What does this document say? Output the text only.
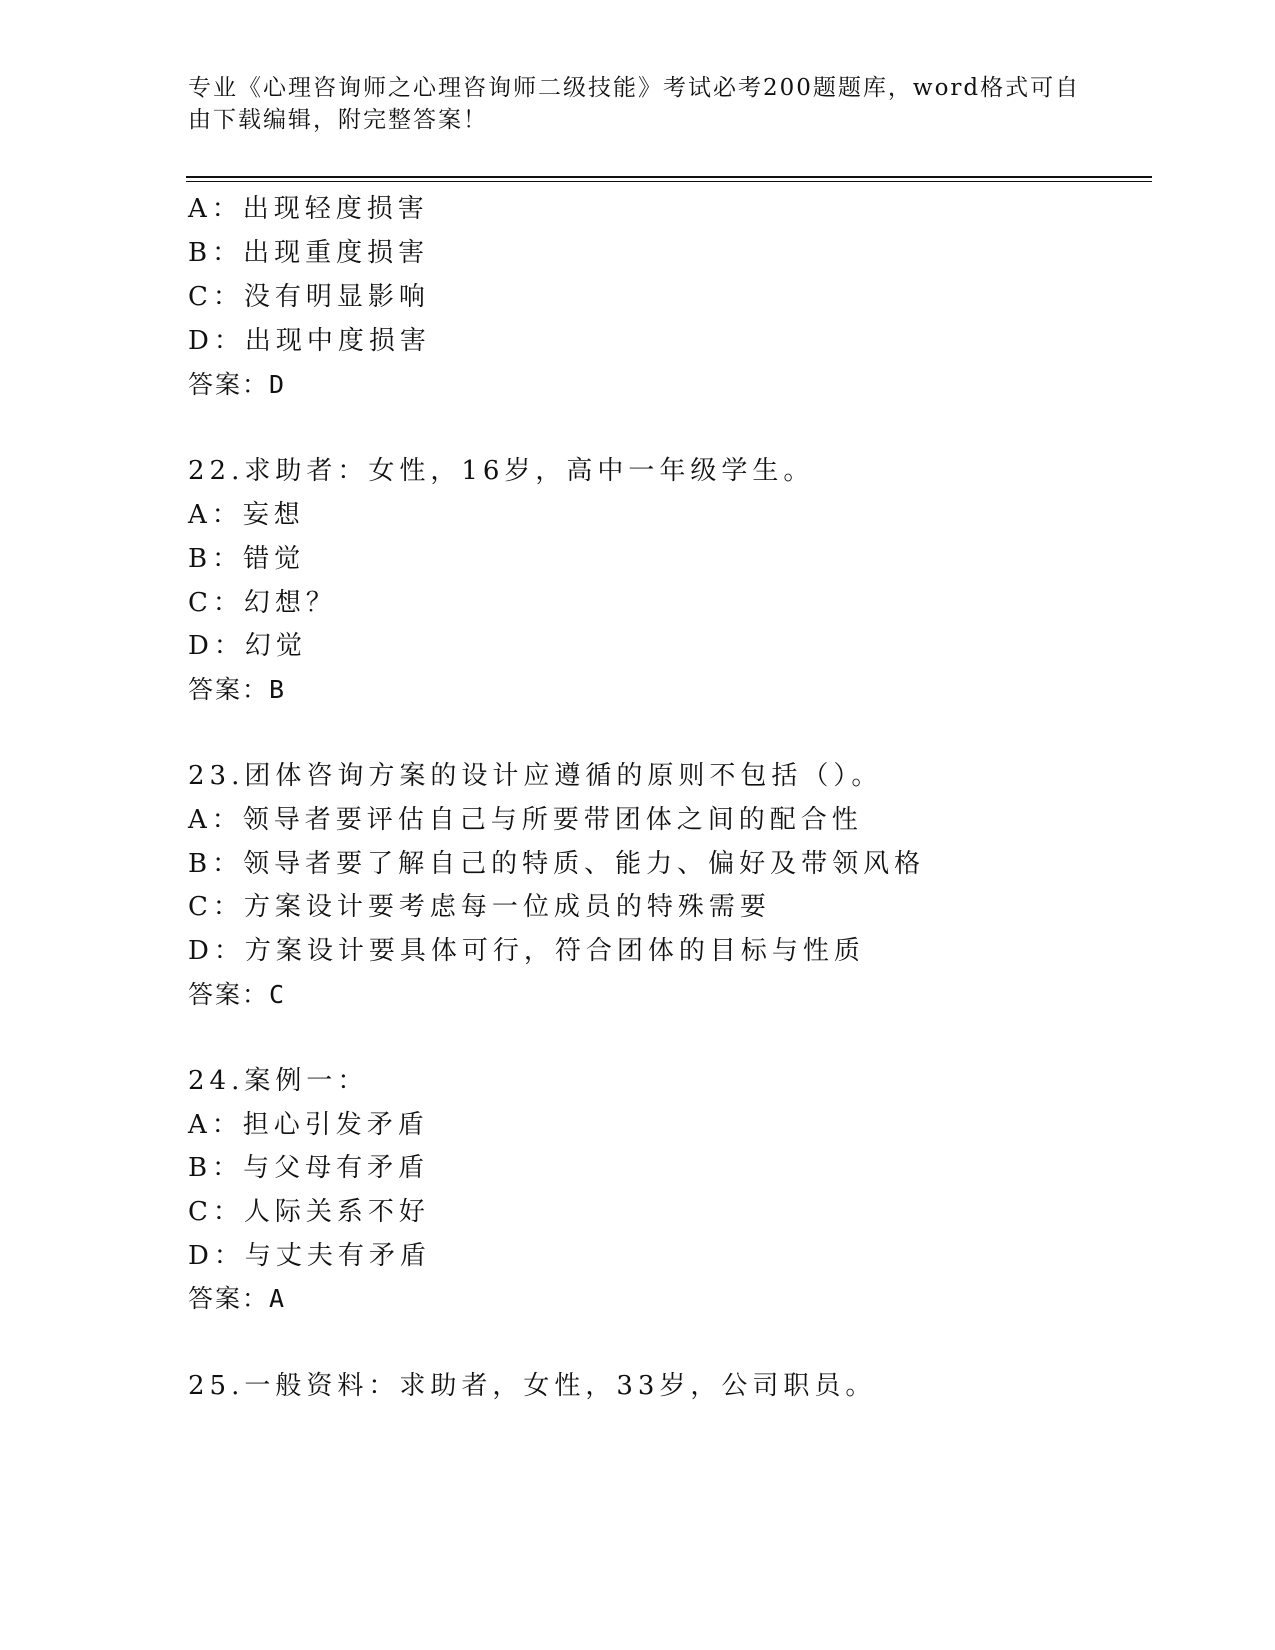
专业《心理咨询师之心理咨询师二级技能》考试必考200题题库，word格式可自
由下载编辑，附完整答案！
A：出现轻度损害
B：出现重度损害
C：没有明显影响
D：出现中度损害
答案：D
22.求助者：女性，16岁，高中一年级学生。
A：妄想
B：错觉
C：幻想？
D：幻觉
答案：B
23.团体咨询方案的设计应遵循的原则不包括（）。
A：领导者要评估自己与所要带团体之间的配合性
B：领导者要了解自己的特质、能力、偏好及带领风格
C：方案设计要考虑每一位成员的特殊需要
D：方案设计要具体可行，符合团体的目标与性质
答案：C
24.案例一：
A：担心引发矛盾
B：与父母有矛盾
C：人际关系不好
D：与丈夫有矛盾
答案：A
25.一般资料：求助者，女性，33岁，公司职员。
